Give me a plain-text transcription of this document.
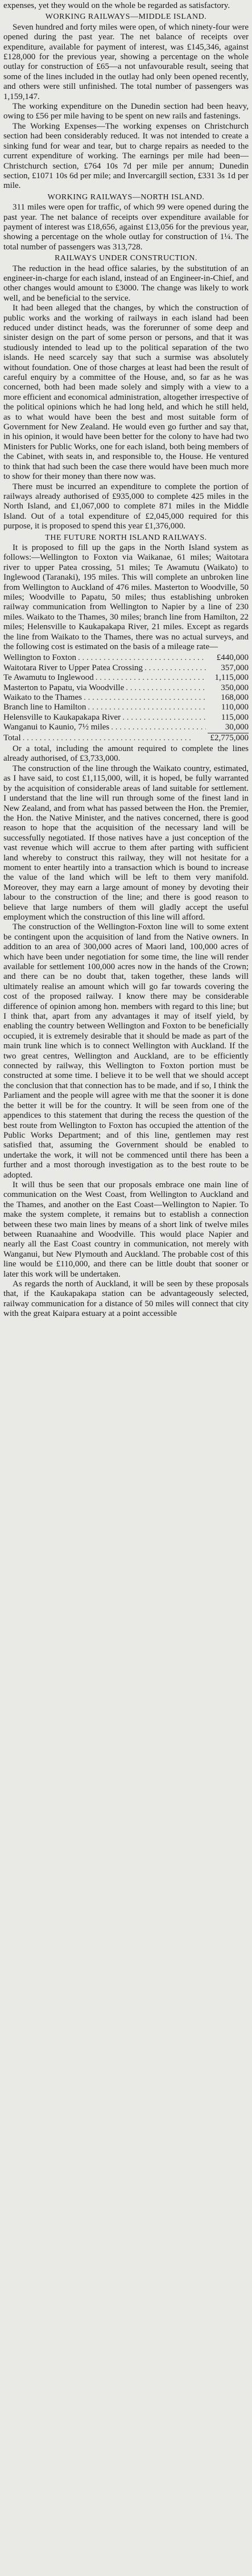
expenses, yet they would on the whole be regarded as satisfactory.

WORKING RAILWAYS—MIDDLE ISLAND.

Seven hundred and forty miles were open, of which ninety-four were opened during the past year. The net balance of receipts over expenditure, available for payment of interest, was £145,346, against £128,000 for the previous year, showing a percentage on the whole outlay for construction of £65—a not unfavourable result, seeing that some of the lines included in the outlay had only been opened recently, and others were still unfinished. The total number of passengers was 1,159,147.

The working expenditure on the Dunedin section had been heavy, owing to £56 per mile having to be spent on new rails and fastenings.

The Working Expenses—The working expenses on Christchurch section had been considerably reduced. It was not intended to create a sinking fund for wear and tear, but to charge repairs as needed to the current expenditure of working. The earnings per mile had been—Christchurch section, £764 10s 7d per mile per annum; Dunedin section, £1071 10s 6d per mile; and Invercargill section, £331 3s 1d per mile.

WORKING RAILWAYS—NORTH ISLAND.

311 miles were open for traffic, of which 99 were opened during the past year. The net balance of receipts over expenditure available for payment of interest was £18,656, against £13,056 for the previous year, showing a percentage on the whole outlay for construction of 1¼. The total number of passengers was 313,728.

RAILWAYS UNDER CONSTRUCTION.

The reduction in the head office salaries, by the substitution of an engineer-in-charge for each island, instead of an Engineer-in-Chief, and other changes would amount to £3000. The change was likely to work well, and be beneficial to the service.

It had been alleged that the changes, by which the construction of public works and the working of railways in each island had been reduced under distinct heads, was the forerunner of some deep and sinister design on the part of some person or persons, and that it was studiously intended to lead up to the political separation of the two islands. He need scarcely say that such a surmise was absolutely without foundation. One of those charges at least had been the result of careful enquiry by a committee of the House, and, so far as he was concerned, both had been made solely and simply with a view to a more efficient and economical administration, altogether irrespective of the political opinions which he had long held, and which he still held, as to what would have been the best and most suitable form of Government for New Zealand. He would even go further and say that, in his opinion, it would have been better for the colony to have had two Ministers for Public Works, one for each island, both being members of the Cabinet, with seats in, and responsible to, the House. He ventured to think that had such been the case there would have been much more to show for their money than there now was.

There must be incurred an expenditure to complete the portion of railways already authorised of £935,000 to complete 425 miles in the North Island, and £1,067,000 to complete 871 miles in the Middle Island. Out of a total expenditure of £2,045,000 required for this purpose, it is proposed to spend this year £1,376,000.

THE FUTURE NORTH ISLAND RAILWAYS.

It is proposed to fill up the gaps in the North Island system as follows:—Wellington to Foxton via Waikanae, 61 miles; Waitotara river to upper Patea crossing, 51 miles; Te Awamutu (Waikato) to Inglewood (Taranaki), 195 miles. This will complete an unbroken line from Wellington to Auckland of 476 miles. Masterton to Woodville, 50 miles; Woodville to Papatu, 50 miles; thus establishing unbroken railway communication from Wellington to Napier by a line of 230 miles. Waikato to the Thames, 30 miles; branch line from Hamilton, 22 miles; Helensville to Kaukapakapa River, 21 miles. Except as regards the line from Waikato to the Thames, there was no actual surveys, and the following cost is estimated on the basis of a mileage rate—

Wellington to Foxton . . .	£440,000
Waitotara River to Upper Patea Crossing . . .	357,000
Te Awamutu to Inglewood . . .	1,115,000
Masterton to Papatu, via Woodville . . .	350,000
Waikato to the Thames . . .	168,000
Branch line to Hamilton . . .	110,000
Helensville to Kaukapakapa River . . .	115,000
Wanganui to Kaunio, 7½ miles . . .	30,000
Total . . .	£2,775,000

Or a total, including the amount required to complete the lines already authorised, of £3,733,000.

The construction of the line through the Waikato country, estimated, as I have said, to cost £1,115,000, will, it is hoped, be fully warranted by the acquisition of considerable areas of land suitable for settlement. I understand that the line will run through some of the finest land in New Zealand, and from what has passed between the Hon. the Premier, the Hon. the Native Minister, and the natives concerned, there is good reason to hope that the acquisition of the necessary land will be successfully negotiated. If those natives have a just conception of the vast revenue which will accrue to them after parting with sufficient land whereby to construct this railway, they will not hesitate for a moment to enter heartily into a transaction which is bound to increase the value of the land which will be left to them very manifold. Moreover, they may earn a large amount of money by devoting their labour to the construction of the line; and there is good reason to believe that large numbers of them will gladly accept the useful employment which the construction of this line will afford.

The construction of the Wellington-Foxton line will to some extent be contingent upon the acquisition of land from the Native owners. In addition to an area of 300,000 acres of Maori land, 100,000 acres of which have been under negotiation for some time, the line will render available for settlement 100,000 acres now in the hands of the Crown; and there can be no doubt that, taken together, these lands will ultimately realise an amount which will go far towards covering the cost of the proposed railway. I know there may be considerable difference of opinion among hon. members with regard to this line; but I think that, apart from any advantages it may of itself yield, by enabling the country between Wellington and Foxton to be beneficially occupied, it is extremely desirable that it should be made as part of the main trunk line which is to connect Wellington with Auckland. If the two great centres, Wellington and Auckland, are to be efficiently connected by railway, this Wellington to Foxton portion must be constructed at some time. I believe it to be well that we should accept the conclusion that that connection has to be made, and if so, I think the Parliament and the people will agree with me that the sooner it is done the better it will be for the country. It will be seen from one of the appendices to this statement that during the recess the question of the best route from Wellington to Foxton has occupied the attention of the Public Works Department; and of this line, gentlemen may rest satisfied that, assuming the Government should be enabled to undertake the work, it will not be commenced until there has been a further and a most thorough investigation as to the best route to be adopted.

It will thus be seen that our proposals embrace one main line of communication on the West Coast, from Wellington to Auckland and the Thames, and another on the East Coast—Wellington to Napier. To make the system complete, it remains but to establish a connection between these two main lines by means of a short link of twelve miles between Ruanaahine and Woodville. This would place Napier and nearly all the East Coast country in communication, not merely with Wanganui, but New Plymouth and Auckland. The probable cost of this line would be £110,000, and there can be little doubt that sooner or later this work will be undertaken.

As regards the north of Auckland, it will be seen by these proposals that, if the Kaukapakapa station can be advantageously selected, railway communication for a distance of 50 miles will connect that city with the great Kaipara estuary at a point accessible
